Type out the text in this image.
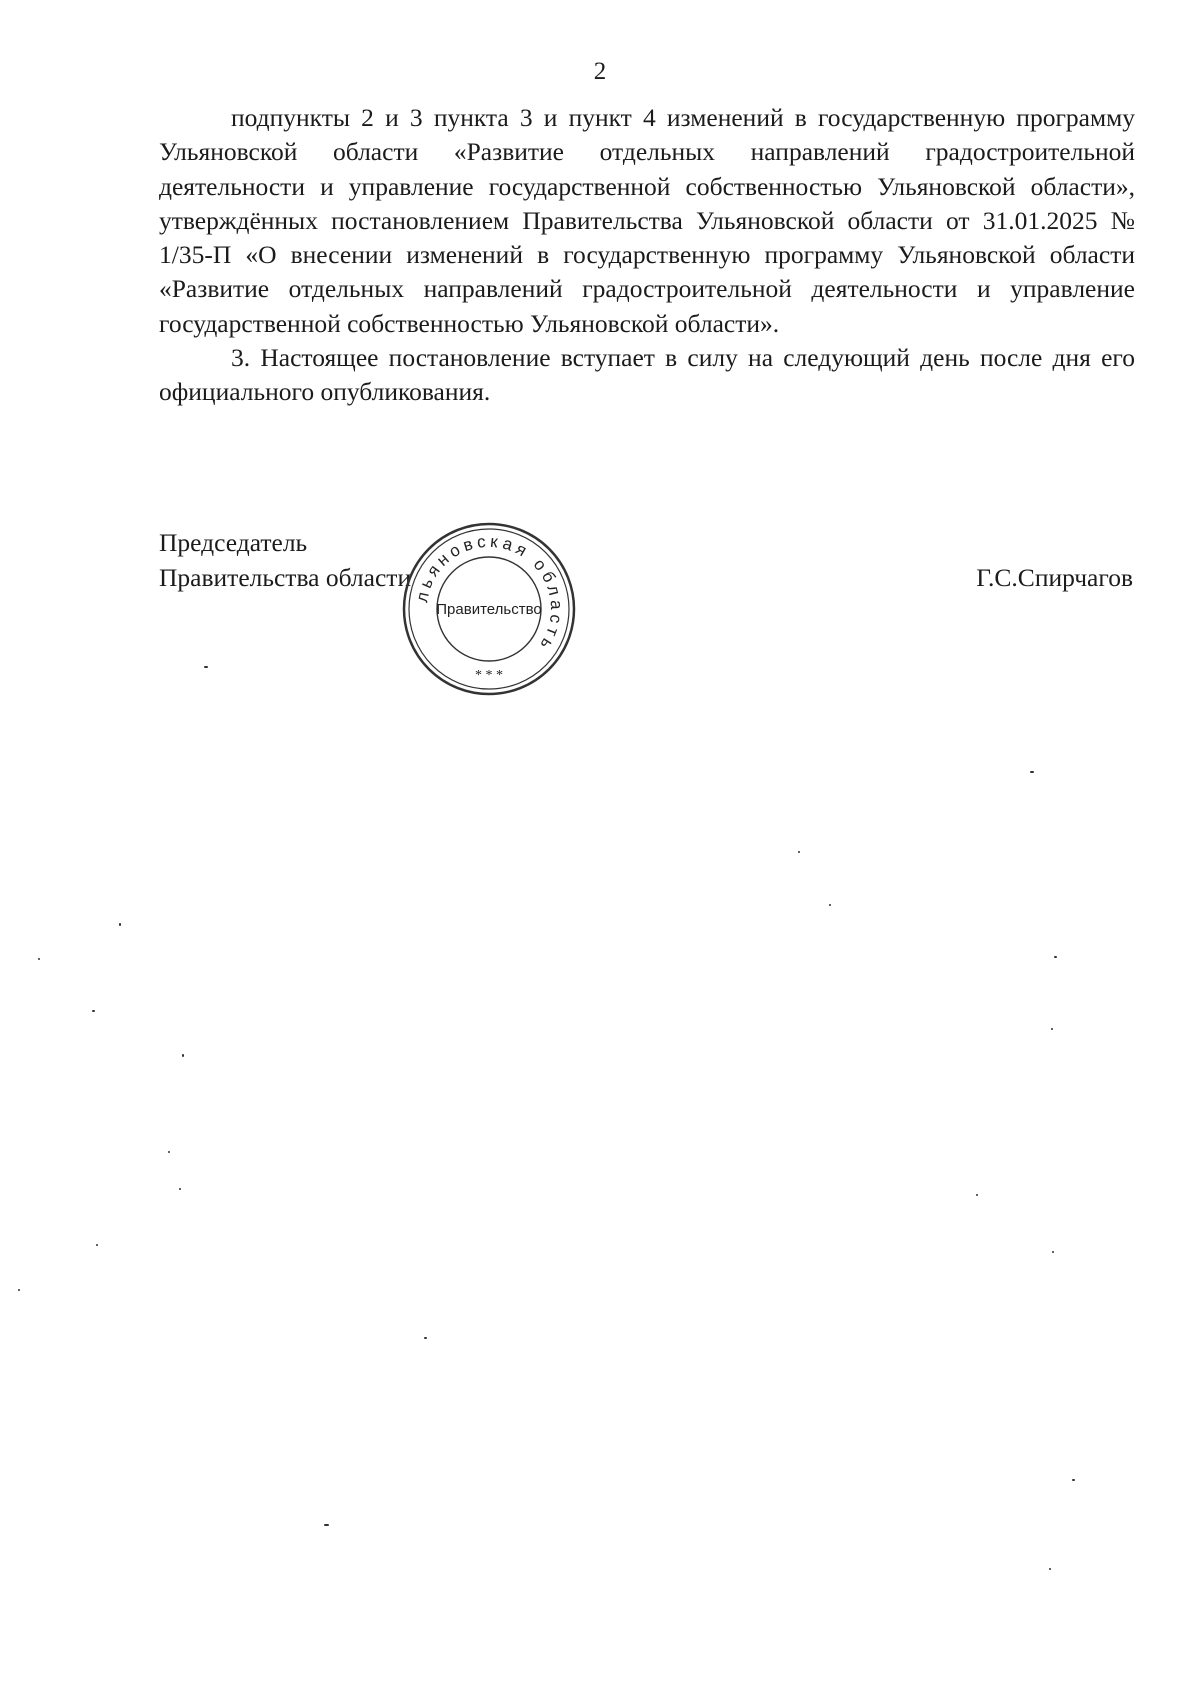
2

подпункты 2 и 3 пункта 3 и пункт 4 изменений в государственную программу Ульяновской области «Развитие отдельных направлений градостроительной деятельности и управление государственной собственностью Ульяновской области», утверждённых постановлением Правительства Ульяновской области от 31.01.2025 № 1/35-П «О внесении изменений в государственную программу Ульяновской области «Развитие отдельных направлений градостроительной деятельности и управление государственной собственностью Ульяновской области».

3. Настоящее постановление вступает в силу на следующий день после дня его официального опубликования.

Председатель
Правительства области	Г.С.Спирчагов
льяновская область
* * *
Правительство
